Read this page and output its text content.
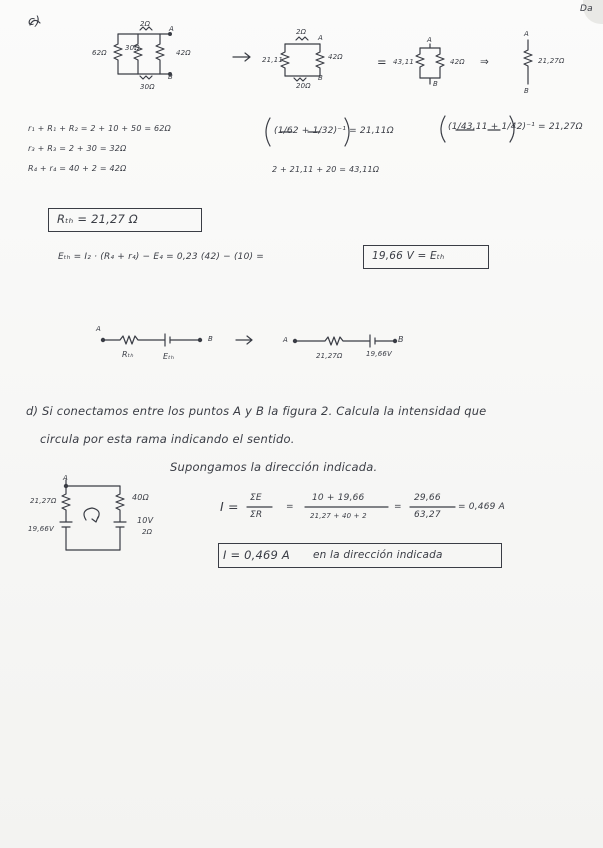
Da
c)	2Ω
A
62Ω
30Ω
42Ω
B
30Ω
2Ω
A
21,11	42Ω
B
20Ω
= 43,11
A
42Ω
B
⇒
A
21,27Ω
B
r₁ + R₁ + R₂ = 2 + 10 + 50 = 62Ω
r₃ + R₃ = 2 + 30 = 32Ω
R₄ + r₄ = 40 + 2 = 42Ω
(1/62 + 1/32)⁻¹ = 21,11Ω
2 + 21,11 + 20 = 43,11Ω
(1/43,11 + 1/42)⁻¹ = 21,27Ω
Rₜₕ = 21,27 Ω
Eₜₕ = I₂ · (R₄ + r₄) − E₄ = 0,23 (42) − (10) =	19,66 V = Eₜₕ
A
B
Rₜₕ	Eₜₕ
A	B
21,27Ω	19,66V
d) Si conectamos entre los puntos A y B la figura 2. Calcula la intensidad que
circula por esta rama indicando el sentido.
Supongamos la dirección indicada.
A
21,27Ω
19,66V
40Ω
10V
2Ω
I =
ΣE
ΣR
=
10 + 19,66
21,27 + 40 + 2
=
29,66
63,27
= 0,469 A
I = 0,469 A en la dirección indicada
